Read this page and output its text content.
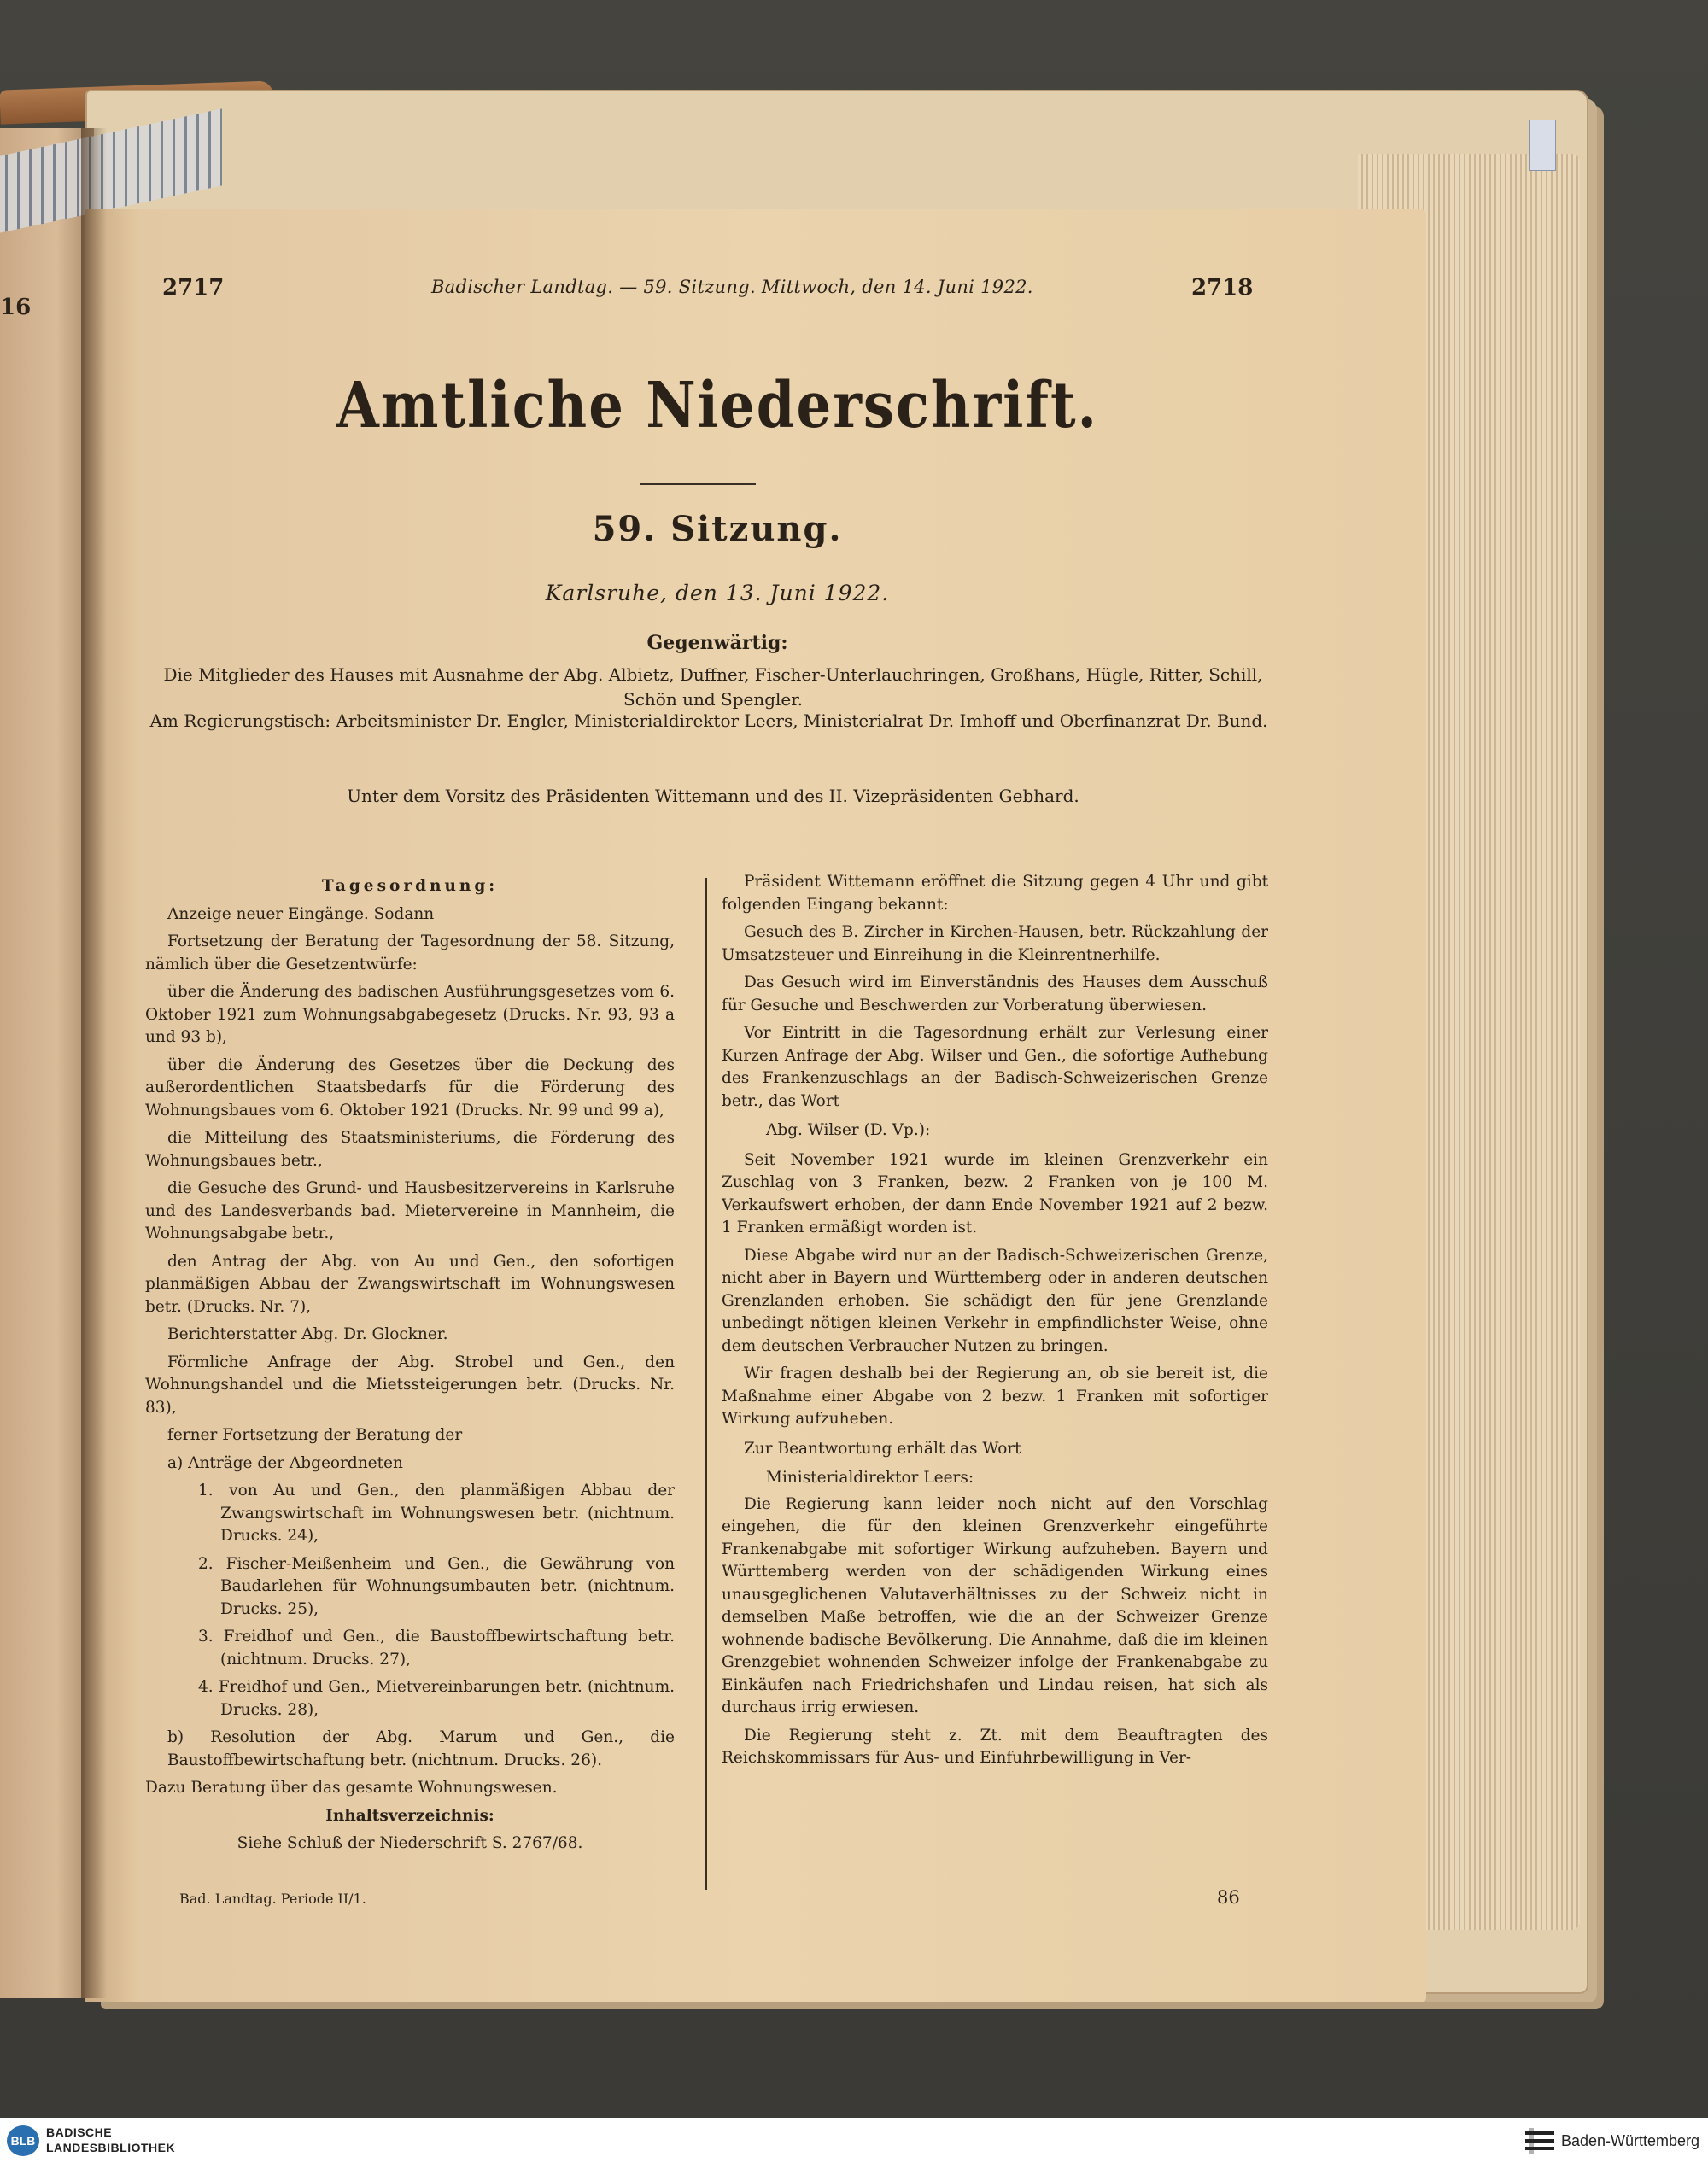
16
2717	Badischer Landtag. — 59. Sitzung. Mittwoch, den 14. Juni 1922.	2718
Amtliche Niederschrift.
59. Sitzung.
Karlsruhe, den 13. Juni 1922.
Gegenwärtig:
Die Mitglieder des Hauses mit Ausnahme der Abg. Albietz, Duffner, Fischer-Unterlauchringen, Großhans, Hügle, Ritter, Schill, Schön und Spengler.
Am Regierungstisch: Arbeitsminister Dr. Engler, Ministerialdirektor Leers, Ministerialrat Dr. Imhoff und Oberfinanzrat Dr. Bund.
Unter dem Vorsitz des Präsidenten Wittemann und des II. Vizepräsidenten Gebhard.

Tagesordnung:

Anzeige neuer Eingänge. Sodann

Fortsetzung der Beratung der Tagesordnung der 58. Sitzung, nämlich über die Gesetzentwürfe:

über die Änderung des badischen Ausführungsgesetzes vom 6. Oktober 1921 zum Wohnungsabgabegesetz (Drucks. Nr. 93, 93 a und 93 b),

über die Änderung des Gesetzes über die Deckung des außerordentlichen Staatsbedarfs für die Förderung des Wohnungsbaues vom 6. Oktober 1921 (Drucks. Nr. 99 und 99 a),

die Mitteilung des Staatsministeriums, die Förderung des Wohnungsbaues betr.,

die Gesuche des Grund- und Hausbesitzervereins in Karlsruhe und des Landesverbands bad. Mietervereine in Mannheim, die Wohnungsabgabe betr.,

den Antrag der Abg. von Au und Gen., den sofortigen planmäßigen Abbau der Zwangswirtschaft im Wohnungswesen betr. (Drucks. Nr. 7),

Berichterstatter Abg. Dr. Glockner.

Förmliche Anfrage der Abg. Strobel und Gen., den Wohnungshandel und die Mietssteigerungen betr. (Drucks. Nr. 83),

ferner Fortsetzung der Beratung der

a) Anträge der Abgeordneten

1. von Au und Gen., den planmäßigen Abbau der Zwangswirtschaft im Wohnungswesen betr. (nichtnum. Drucks. 24),

2. Fischer-Meißenheim und Gen., die Gewährung von Baudarlehen für Wohnungsumbauten betr. (nichtnum. Drucks. 25),

3. Freidhof und Gen., die Baustoffbewirtschaftung betr. (nichtnum. Drucks. 27),

4. Freidhof und Gen., Mietvereinbarungen betr. (nichtnum. Drucks. 28),

b) Resolution der Abg. Marum und Gen., die Baustoffbewirtschaftung betr. (nichtnum. Drucks. 26).

Dazu Beratung über das gesamte Wohnungswesen.

Inhaltsverzeichnis:

Siehe Schluß der Niederschrift S. 2767/68.

Präsident Wittemann eröffnet die Sitzung gegen 4 Uhr und gibt folgenden Eingang bekannt:

Gesuch des B. Zircher in Kirchen-Hausen, betr. Rückzahlung der Umsatzsteuer und Einreihung in die Kleinrentnerhilfe.

Das Gesuch wird im Einverständnis des Hauses dem Ausschuß für Gesuche und Beschwerden zur Vorberatung überwiesen.

Vor Eintritt in die Tagesordnung erhält zur Verlesung einer Kurzen Anfrage der Abg. Wilser und Gen., die sofortige Aufhebung des Frankenzuschlags an der Badisch-Schweizerischen Grenze betr., das Wort

Abg. Wilser (D. Vp.):

Seit November 1921 wurde im kleinen Grenzverkehr ein Zuschlag von 3 Franken, bezw. 2 Franken von je 100 M. Verkaufswert erhoben, der dann Ende November 1921 auf 2 bezw. 1 Franken ermäßigt worden ist.

Diese Abgabe wird nur an der Badisch-Schweizerischen Grenze, nicht aber in Bayern und Württemberg oder in anderen deutschen Grenzlanden erhoben. Sie schädigt den für jene Grenzlande unbedingt nötigen kleinen Verkehr in empfindlichster Weise, ohne dem deutschen Verbraucher Nutzen zu bringen.

Wir fragen deshalb bei der Regierung an, ob sie bereit ist, die Maßnahme einer Abgabe von 2 bezw. 1 Franken mit sofortiger Wirkung aufzuheben.

Zur Beantwortung erhält das Wort

Ministerialdirektor Leers:

Die Regierung kann leider noch nicht auf den Vorschlag eingehen, die für den kleinen Grenzverkehr eingeführte Frankenabgabe mit sofortiger Wirkung aufzuheben. Bayern und Württemberg werden von der schädigenden Wirkung eines unausgeglichenen Valutaverhältnisses zu der Schweiz nicht in demselben Maße betroffen, wie die an der Schweizer Grenze wohnende badische Bevölkerung. Die Annahme, daß die im kleinen Grenzgebiet wohnenden Schweizer infolge der Frankenabgabe zu Einkäufen nach Friedrichshafen und Lindau reisen, hat sich als durchaus irrig erwiesen.

Die Regierung steht z. Zt. mit dem Beauftragten des Reichskommissars für Aus- und Einfuhrbewilligung in Ver-

Bad. Landtag. Periode II/1.	86
BLB
BADISCHE
LANDESBIBLIOTHEK	Baden-Württemberg
